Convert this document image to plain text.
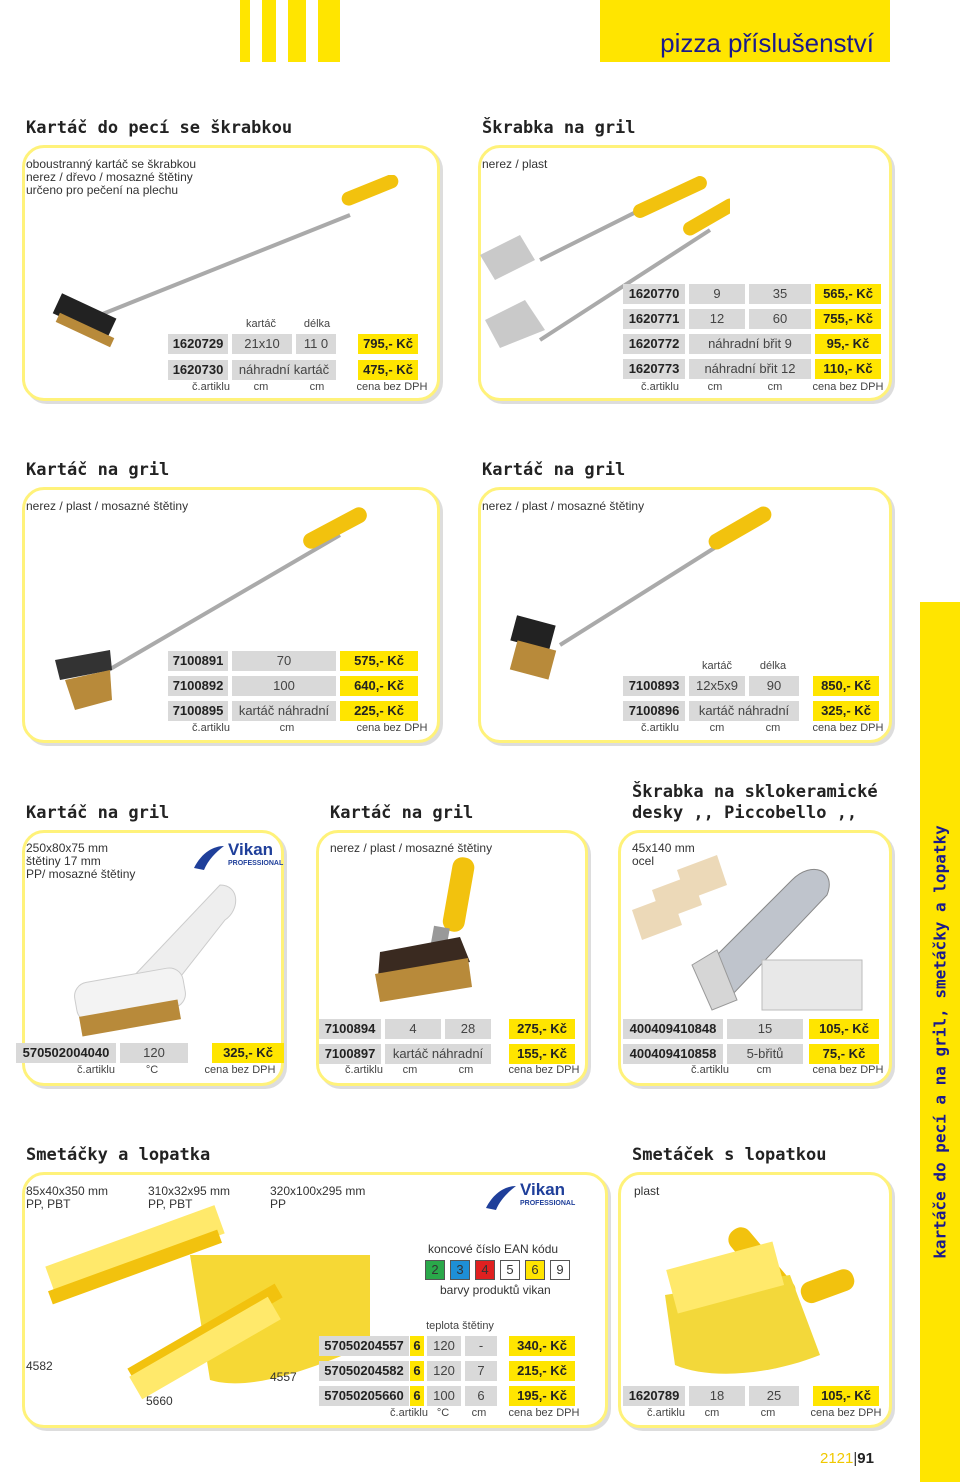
pizza příslušenství
Kartáč do pecí se škrabkou
oboustranný kartáč se škrabkou
nerez / dřevo / mosazné štětiny
určeno pro pečení na plechu
kartáč	délka
1620729	21x10	11 0	795,- Kč
1620730	náhradní kartáč	475,- Kč
č.artiklu	cm	cm	cena bez DPH
Škrabka na gril
nerez / plast
1620770	9	35	565,- Kč
1620771	12	60	755,- Kč
1620772	náhradní břit 9	95,- Kč
1620773	náhradní břit 12	110,- Kč
č.artiklu	cm	cm	cena bez DPH
Kartáč na gril
nerez / plast / mosazné štětiny
7100891	70	575,- Kč
7100892	100	640,- Kč
7100895	kartáč náhradní	225,- Kč
č.artiklu	cm	cena bez DPH
Kartáč na gril
nerez / plast / mosazné štětiny
kartáč	délka
7100893	12x5x9	90	850,- Kč
7100896	kartáč náhradní	325,- Kč
č.artiklu	cm	cm	cena bez DPH
Kartáč na gril
250x80x75 mm
štětiny 17 mm
PP/ mosazné štětiny
Vikan
PROFESSIONAL
570502004040	120	325,- Kč
č.artiklu	°C	cena bez DPH
Kartáč na gril
nerez / plast / mosazné štětiny
7100894	4	28	275,- Kč
7100897	kartáč náhradní	155,- Kč
č.artiklu	cm	cm	cena bez DPH
Škrabka na sklokeramické
desky ,, Piccobello ,,
45x140 mm
ocel
400409410848	15	105,- Kč
400409410858	5-břitů	75,- Kč
č.artiklu	cm	cena bez DPH	kartáče do pecí a na gril, smetáčky a lopatky
Smetáčky a lopatka
85x40x350 mm
PP, PBT
310x32x95 mm
PP, PBT
320x100x295 mm
PP
4582
5660
4557
Vikan
PROFESSIONAL
koncové číslo EAN kódu
2	3	4	5	6	9
barvy produktů vikan
teplota štětiny
57050204557 6 120	-	340,- Kč
57050204582 6 120	7	215,- Kč
57050205660 6 100	6	195,- Kč
č.artiklu °C	cm	cena bez DPH
Smetáček s lopatkou
plast
1620789	18	25	105,- Kč
č.artiklu	cm	cm	cena bez DPH
2121|91
